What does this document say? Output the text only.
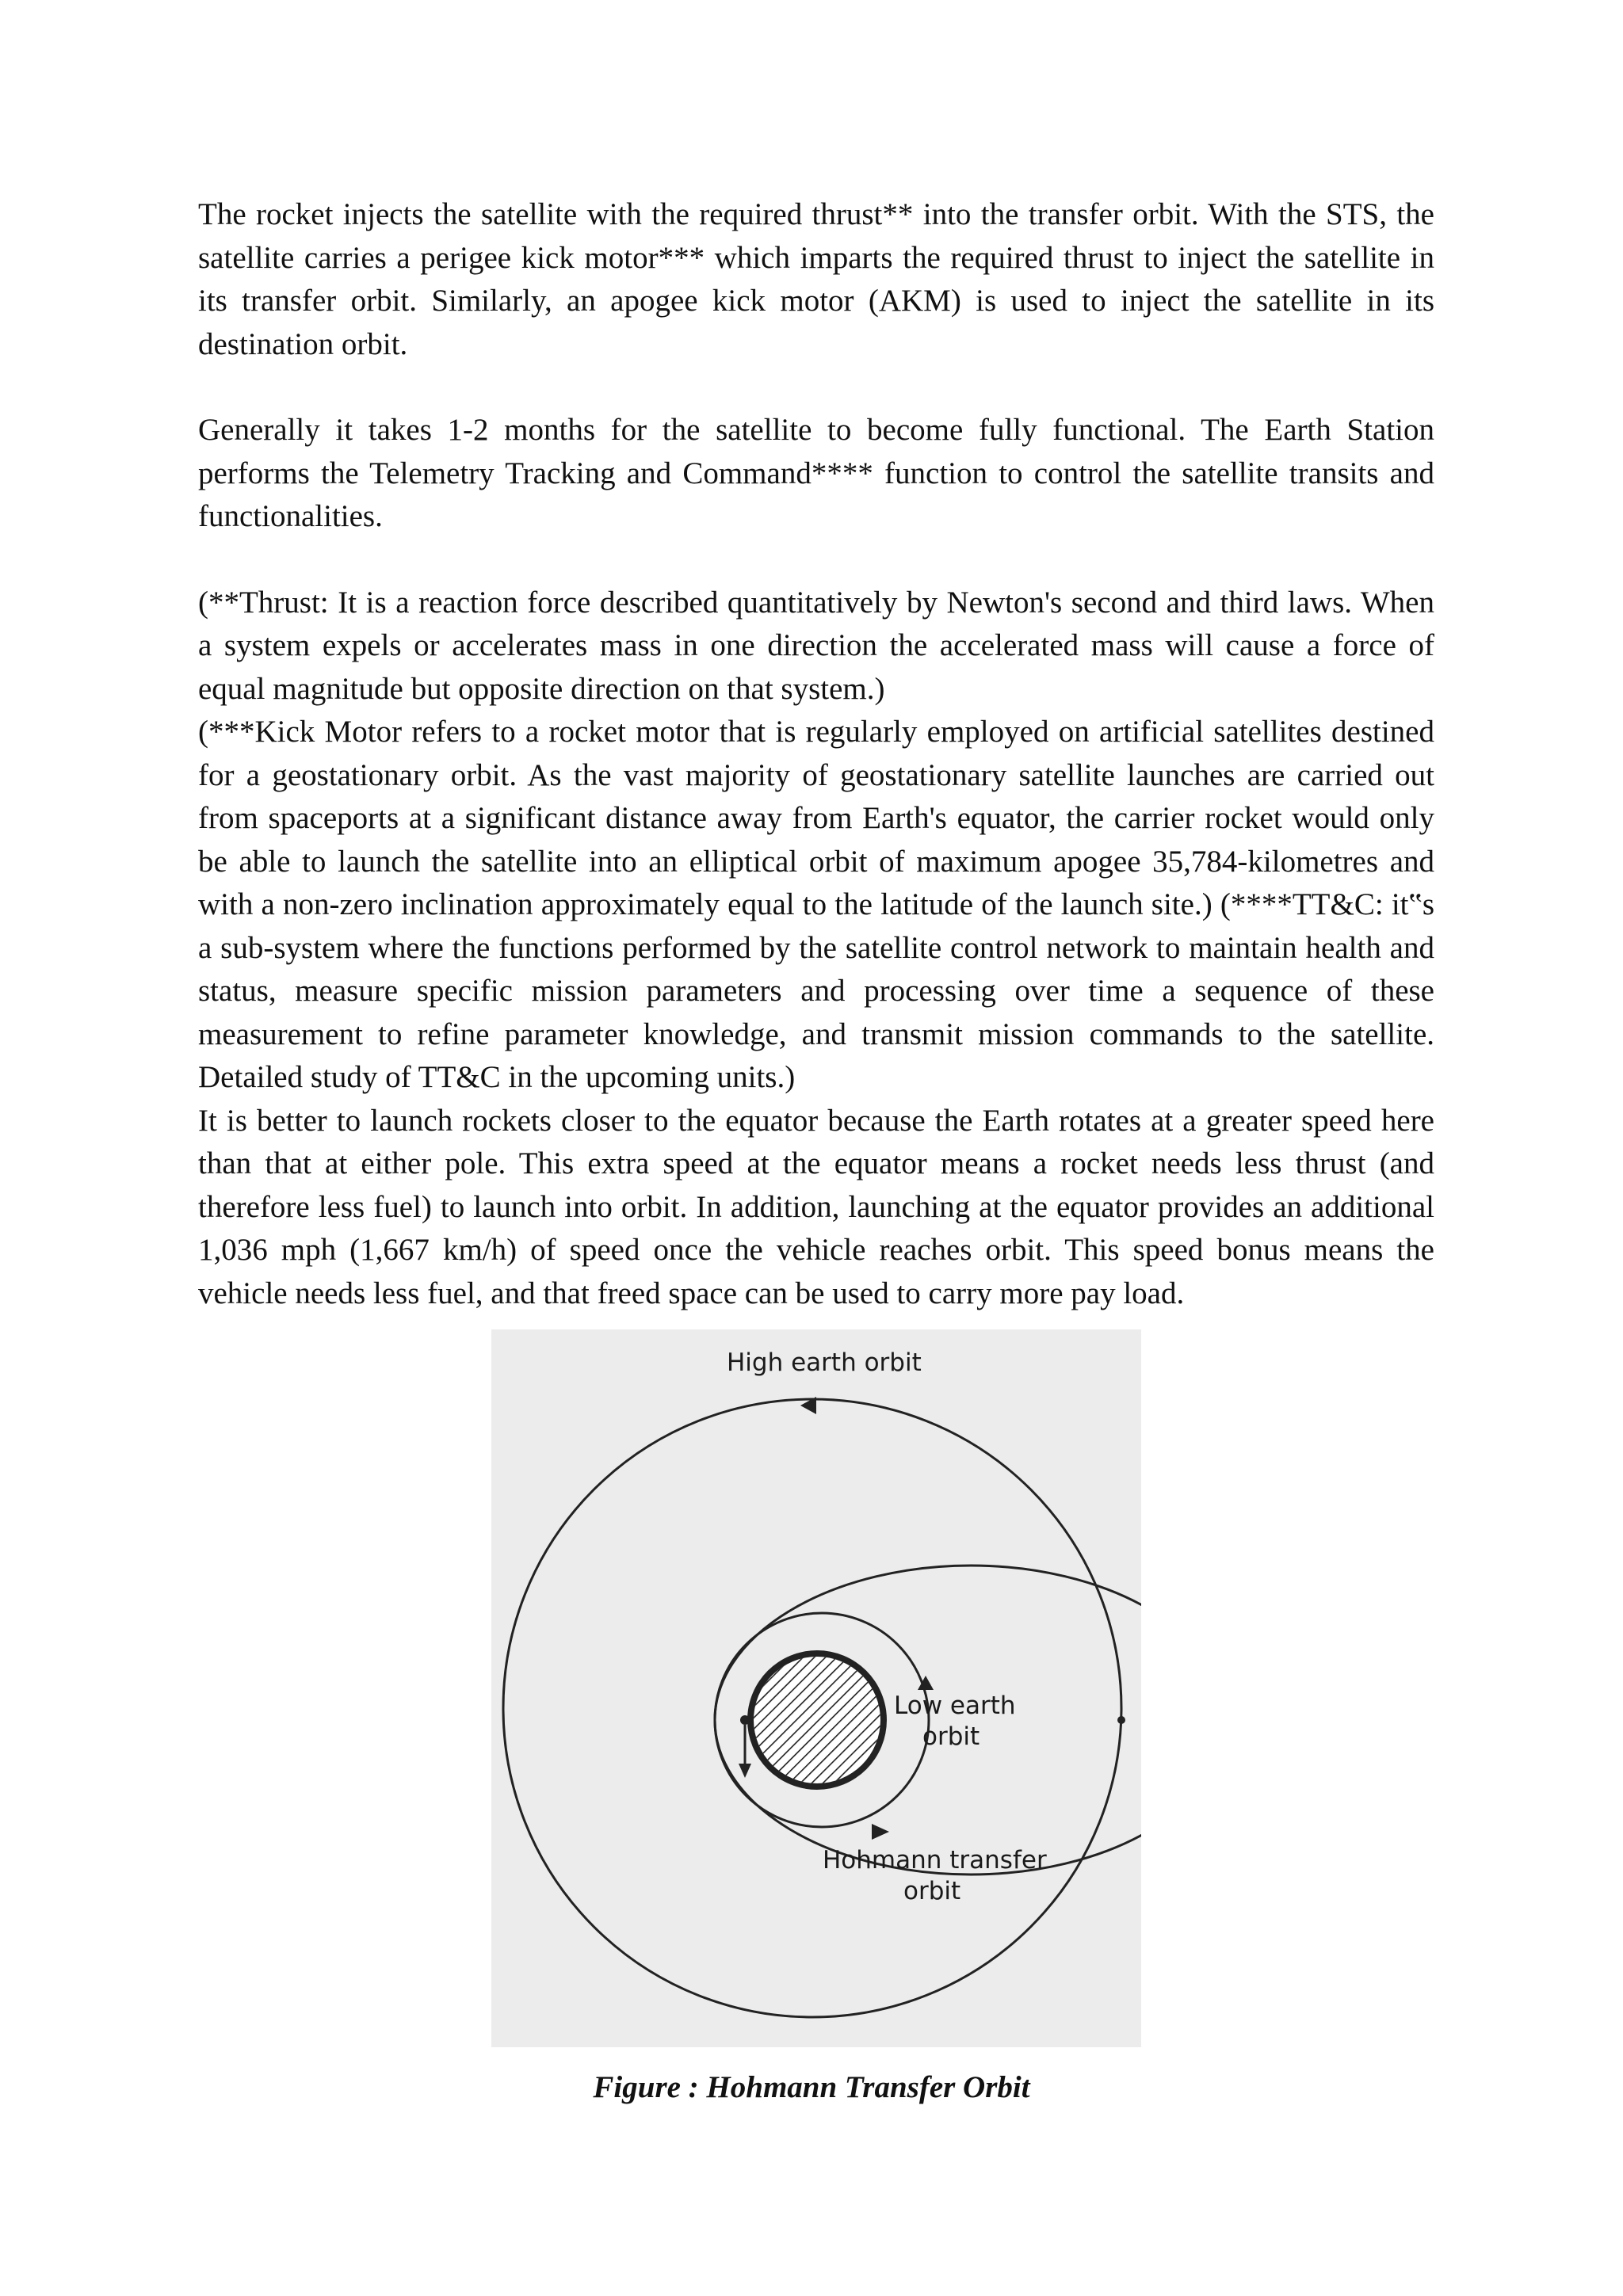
The rocket injects the satellite with the required thrust** into the transfer orbit. With the STS, the satellite carries a perigee kick motor*** which imparts the required thrust to inject the satellite in its transfer orbit. Similarly, an apogee kick motor (AKM) is used to inject the satellite in its destination orbit.

Generally it takes 1-2 months for the satellite to become fully functional. The Earth Station performs the Telemetry Tracking and Command**** function to control the satellite transits and functionalities.

(**Thrust: It is a reaction force described quantitatively by Newton's second and third laws. When a system expels or accelerates mass in one direction the accelerated mass will cause a force of equal magnitude but opposite direction on that system.)

(***Kick Motor refers to a rocket motor that is regularly employed on artificial satellites destined for a geostationary orbit. As the vast majority of geostationary satellite launches are carried out from spaceports at a significant distance away from Earth's equator, the carrier rocket would only be able to launch the satellite into an elliptical orbit of maximum apogee 35,784-kilometres and with a non-zero inclination approximately equal to the latitude of the launch site.) (****TT&C: it‟s a sub-system where the functions performed by the satellite control network to maintain health and status, measure specific mission parameters and processing over time a sequence of these measurement to refine parameter knowledge, and transmit mission commands to the satellite. Detailed study of TT&C in the upcoming units.)

It is better to launch rockets closer to the equator because the Earth rotates at a greater speed here than that at either pole. This extra speed at the equator means a rocket needs less thrust (and therefore less fuel) to launch into orbit. In addition, launching at the equator provides an additional 1,036 mph (1,667 km/h) of speed once the vehicle reaches orbit. This speed bonus means the vehicle needs less fuel, and that freed space can be used to carry more pay load.

High earth orbit
Low earth
orbit
Hohmann transfer
orbit
Figure : Hohmann Transfer Orbit
